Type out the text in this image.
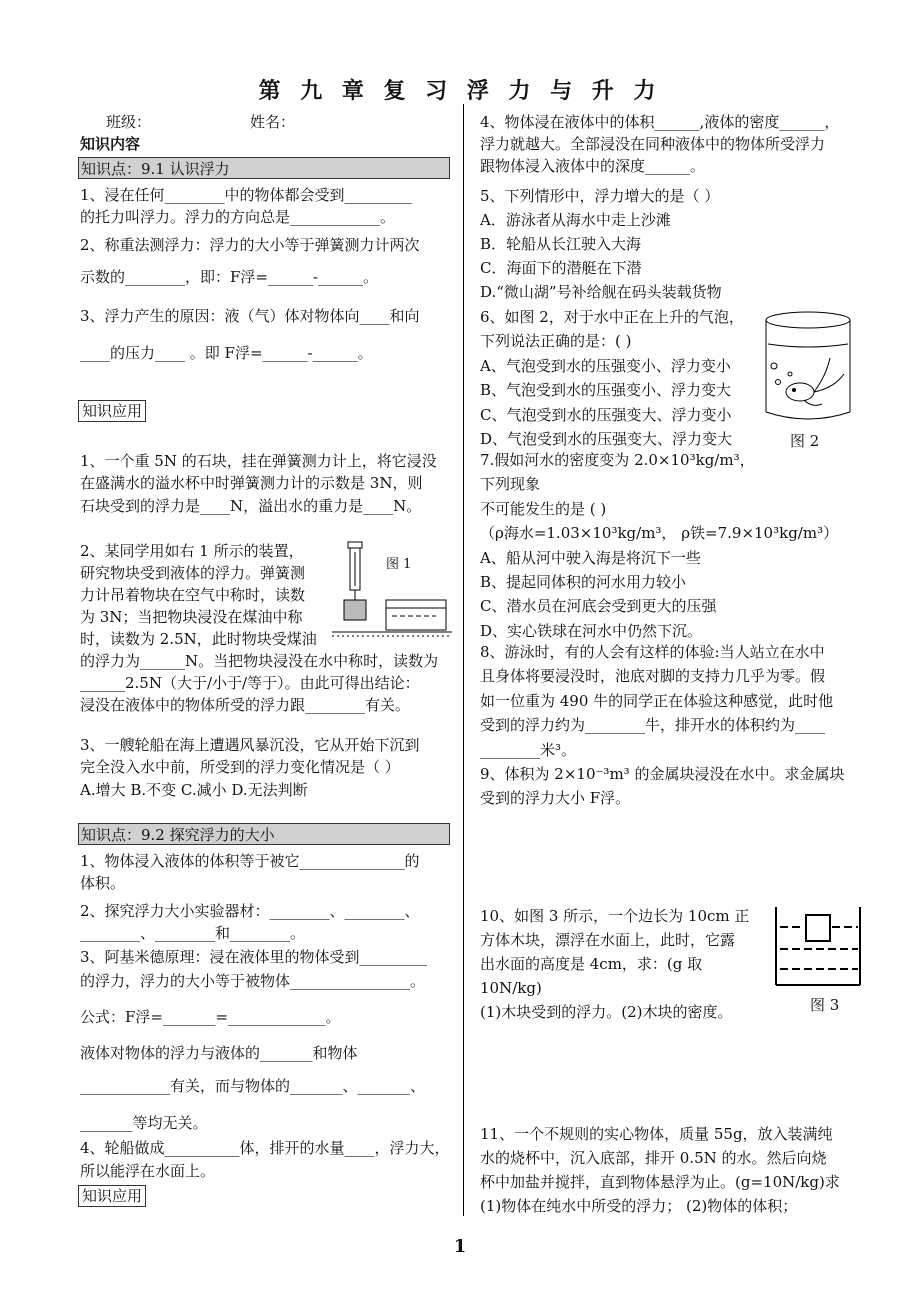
第 九 章 复 习 浮 力 与 升 力
班级：	姓名：
知识内容
知识点：9.1 认识浮力
1、浸在任何________中的物体都会受到_________
的托力叫浮力。浮力的方向总是____________。
2、称重法测浮力：浮力的大小等于弹簧测力计两次
示数的________，即：F浮=______-______。
3、浮力产生的原因：液（气）体对物体向____和向
____的压力____ 。即 F浮=______-______。
知识应用
1、一个重 5N 的石块，挂在弹簧测力计上，将它浸没
在盛满水的溢水杯中时弹簧测力计的示数是 3N，则
石块受到的浮力是____N，溢出水的重力是____N。
2、某同学用如右 1 所示的装置，
研究物块受到液体的浮力。弹簧测
力计吊着物块在空气中称时，读数
为 3N；当把物块浸没在煤油中称
时，读数为 2.5N，此时物块受煤油
的浮力为______N。当把物块浸没在水中称时，读数为
______2.5N（大于/小于/等于）。由此可得出结论：
浸没在液体中的物体所受的浮力跟________有关。
3、一艘轮船在海上遭遇风暴沉没，它从开始下沉到
完全没入水中前，所受到的浮力变化情况是（ ）
A.增大 B.不变 C.减小 D.无法判断
图 1
知识点：9.2 探究浮力的大小
1、物体浸入液体的体积等于被它______________的
体积。
2、探究浮力大小实验器材：________、________、
________、________和________。
3、阿基米德原理：浸在液体里的物体受到_________
的浮力，浮力的大小等于被物体________________。
公式：F浮=_______=_____________。
液体对物体的浮力与液体的_______和物体
____________有关，而与物体的_______、_______、
_______等均无关。
4、轮船做成__________体，排开的水量____，浮力大，
所以能浮在水面上。
知识应用
4、物体浸在液体中的体积______,液体的密度______，
浮力就越大。全部浸没在同种液体中的物体所受浮力
跟物体浸入液体中的深度______。
5、下列情形中，浮力增大的是（ ）
A．游泳者从海水中走上沙滩
B．轮船从长江驶入大海
C．海面下的潜艇在下潜
D.“微山湖”号补给舰在码头装载货物
6、如图 2，对于水中正在上升的气泡，
下列说法正确的是：( )
A、气泡受到水的压强变小、浮力变小
B、气泡受到水的压强变小、浮力变大
C、气泡受到水的压强变大、浮力变小
D、气泡受到水的压强变大、浮力变大
7.假如河水的密度变为 2.0×10³kg/m³，
下列现象
不可能发生的是 ( )
（ρ海水=1.03×10³kg/m³， ρ铁=7.9×10³kg/m³）
A、船从河中驶入海是将沉下一些
B、提起同体积的河水用力较小
C、潜水员在河底会受到更大的压强
D、实心铁球在河水中仍然下沉。
8、游泳时，有的人会有这样的体验:当人站立在水中
且身体将要浸没时，池底对脚的支持力几乎为零。假
如一位重为 490 牛的同学正在体验这种感觉，此时他
受到的浮力约为________牛，排开水的体积约为____
________米³。
9、体积为 2×10⁻³m³ 的金属块浸没在水中。求金属块
受到的浮力大小 F浮。
图 2
10、如图 3 所示，一个边长为 10cm 正
方体木块，漂浮在水面上，此时，它露
出水面的高度是 4cm，求：(g 取
10N/kg)
(1)木块受到的浮力。(2)木块的密度。	图 3
11、一个不规则的实心物体，质量 55g，放入装满纯
水的烧杯中，沉入底部，排开 0.5N 的水。然后向烧
杯中加盐并搅拌，直到物体悬浮为止。(g=10N/kg)求
(1)物体在纯水中所受的浮力； (2)物体的体积；
1
